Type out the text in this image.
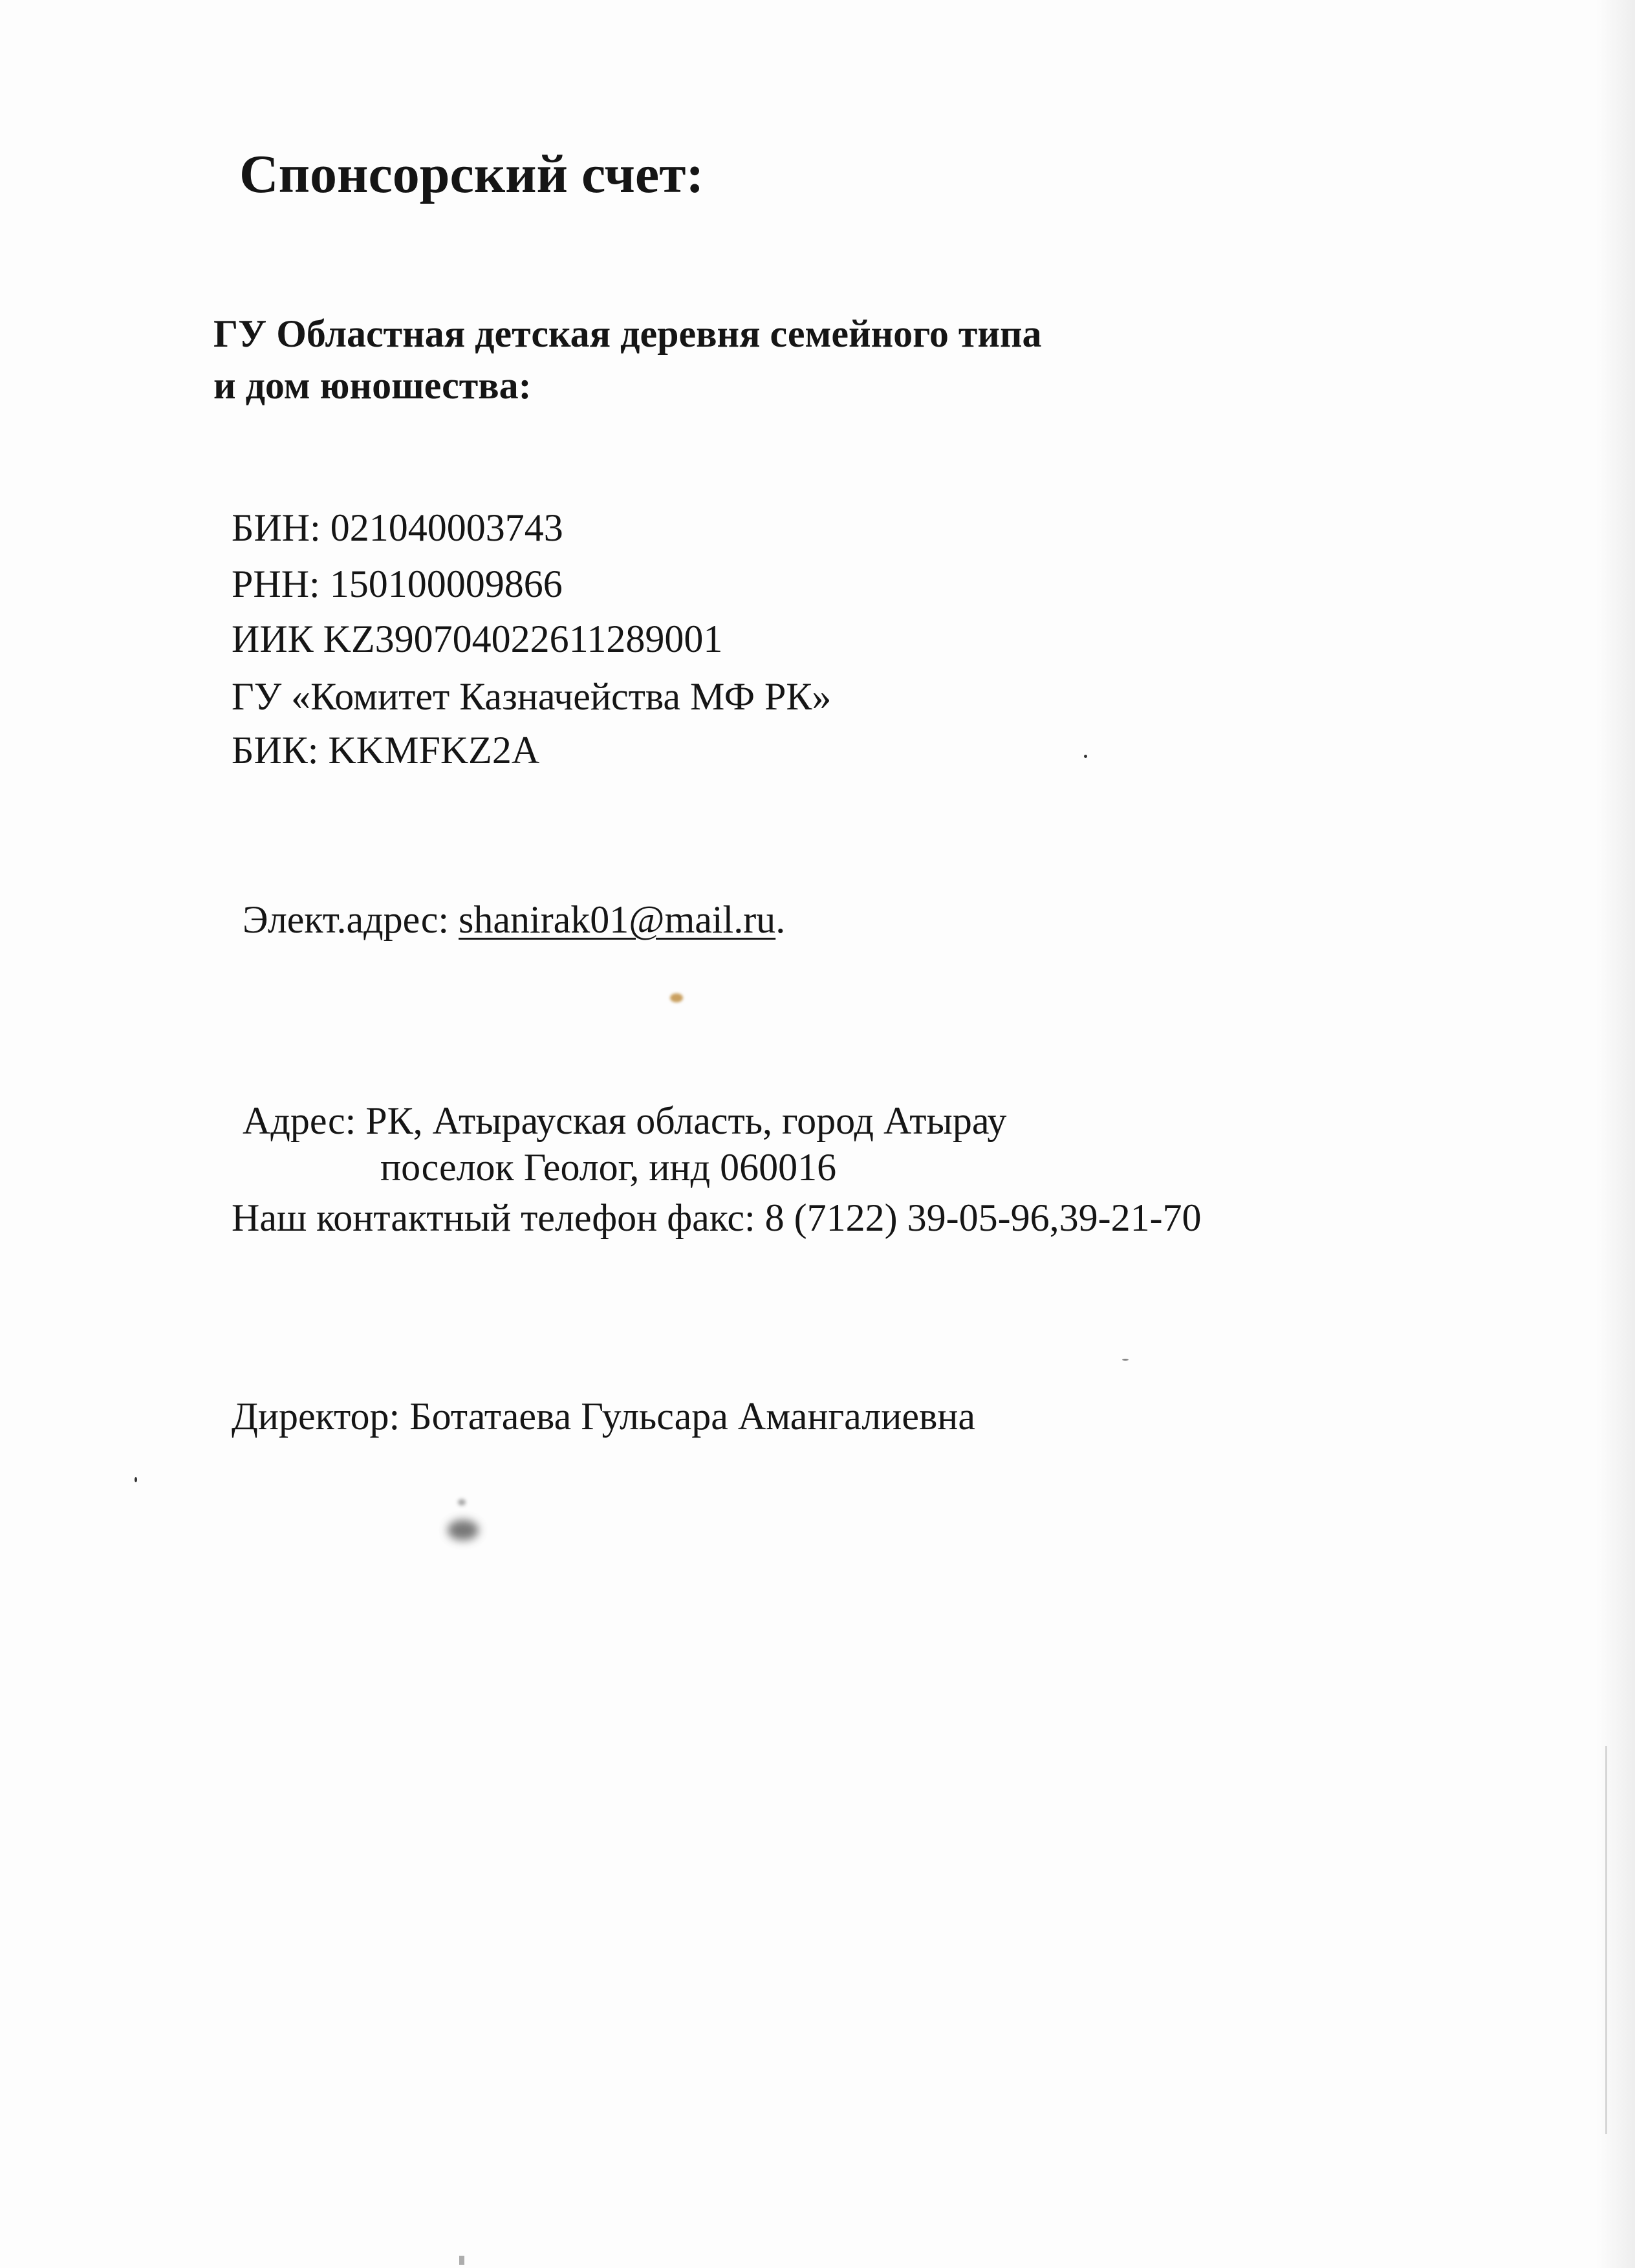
Спонсорский счет:
ГУ Областная детская деревня семейного типа
и дом юношества:
БИН: 021040003743
РНН: 150100009866
ИИК KZ390704022611289001
ГУ «Комитет Казначейства МФ РК»
БИК: KKMFKZ2A
Элект.адрес: shanirak01@mail.ru.
Адрес: РК, Атырауская область, город Атырау
поселок Геолог, инд 060016
Наш контактный телефон факс: 8 (7122) 39-05-96,39-21-70
Директор: Ботатаева Гульсара Амангалиевна
